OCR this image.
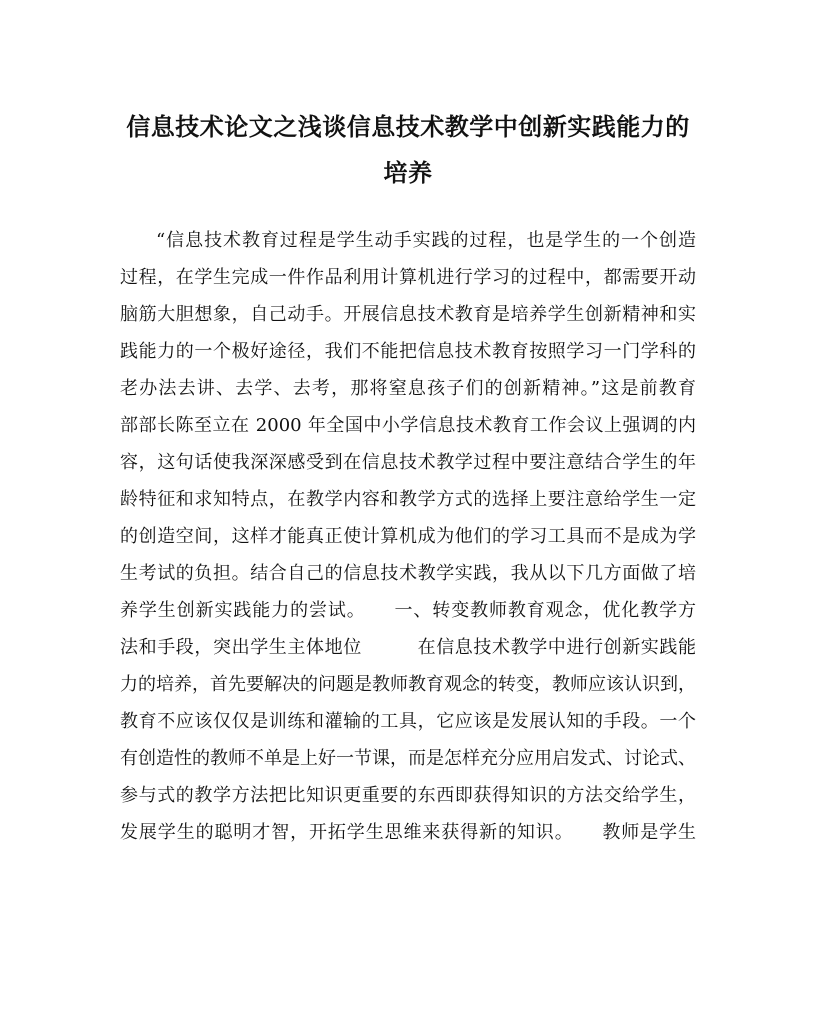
信息技术论文之浅谈信息技术教学中创新实践能力的
培养
“信息技术教育过程是学生动手实践的过程，也是学生的一个创造
过程，在学生完成一件作品利用计算机进行学习的过程中，都需要开动
脑筋大胆想象，自己动手。开展信息技术教育是培养学生创新精神和实
践能力的一个极好途径，我们不能把信息技术教育按照学习一门学科的
老办法去讲、去学、去考，那将窒息孩子们的创新精神。”这是前教育
部部长陈至立在 2000 年全国中小学信息技术教育工作会议上强调的内
容，这句话使我深深感受到在信息技术教学过程中要注意结合学生的年
龄特征和求知特点，在教学内容和教学方式的选择上要注意给学生一定
的创造空间，这样才能真正使计算机成为他们的学习工具而不是成为学
生考试的负担。结合自己的信息技术教学实践，我从以下几方面做了培
养学生创新实践能力的尝试。　　一、转变教师教育观念，优化教学方
法和手段，突出学生主体地位　　　在信息技术教学中进行创新实践能
力的培养，首先要解决的问题是教师教育观念的转变，教师应该认识到，
教育不应该仅仅是训练和灌输的工具，它应该是发展认知的手段。一个
有创造性的教师不单是上好一节课，而是怎样充分应用启发式、讨论式、
参与式的教学方法把比知识更重要的东西即获得知识的方法交给学生，
发展学生的聪明才智，开拓学生思维来获得新的知识。　　教师是学生
